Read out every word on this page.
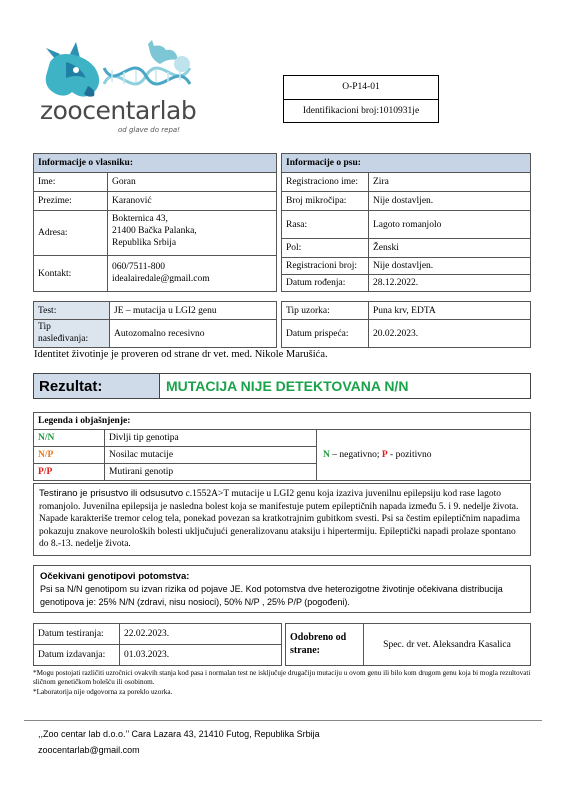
zoocentarlab
od glave do repa!
O-P14-01
Identifikacioni broj:1010931je
Informacije o vlasniku:	
Ime:	Goran
Prezime:	Karanović
Adresa:	Bokternica 43,
21400 Bačka Palanka,
Republika Srbija

Kontakt:	060/7511-800
idealairedale@gmail.com
Informacije o psu:	
Registraciono ime:	Zira
Broj mikročipa:	Nije dostavljen.
Rasa:	Lagoto romanjolo
Pol:	Ženski
Registracioni broj:	Nije dostavljen.
Datum rođenja:	28.12.2022.
Test:	JE – mutacija u LGI2 genu

Tip
nasleđivanja:	Autozomalno recesivno
Tip uzorka:	Puna krv, EDTA
Datum prispeća:	20.02.2023.
Identitet životinje je proveren od strane dr vet. med. Nikole Marušića.
Rezultat:	MUTACIJA NIJE DETEKTOVANA N/N
Legenda i objašnjenje:		
N/N	Divlji tip genotipa	N – negativno; P - pozitivno
N/P	Nosilac mutacije	
P/P	Mutirani genotip	
Testirano je prisustvo ili odsusutvo c.1552A>T mutacije u LGI2 genu koja izaziva juvenilnu epilepsiju kod rase lagoto romanjolo. Juvenilna epilepsija je nasledna bolest koja se manifestuje putem epileptičnih napada između 5. i 9. nedelje života. Napade karakteriše tremor celog tela, ponekad povezan sa kratkotrajnim gubitkom svesti. Psi sa čestim epileptičnim napadima pokazuju znakove neuroloških bolesti uključujući generalizovanu ataksiju i hipertermiju. Epileptički napadi prolaze spontano do 8.-13. nedelje života.
Očekivani genotipovi potomstva:
Psi sa N/N genotipom su izvan rizika od pojave JE. Kod potomstva dve heterozigotne životinje očekivana distribucija genotipova je: 25% N/N (zdravi, nisu nosioci), 50% N/P , 25% P/P (pogođeni).
Datum testiranja:	22.02.2023.
Datum izdavanja:	01.03.2023.
Odobreno od strane:	Spec. dr vet. Aleksandra Kasalica
*Mogu postojati različiti uzročnici ovakvih stanja kod pasa i normalan test ne isključuje drugačiju mutaciju u ovom genu ili bilo kom drugom genu koja bi mogla rezultovati sličnom genetičkom bolešću ili osobinom.
*Laboratorija nije odgovorna za poreklo uzorka.
,,Zoo centar lab d.o.o.’’ Cara Lazara 43, 21410 Futog, Republika Srbija
zoocentarlab@gmail.com
